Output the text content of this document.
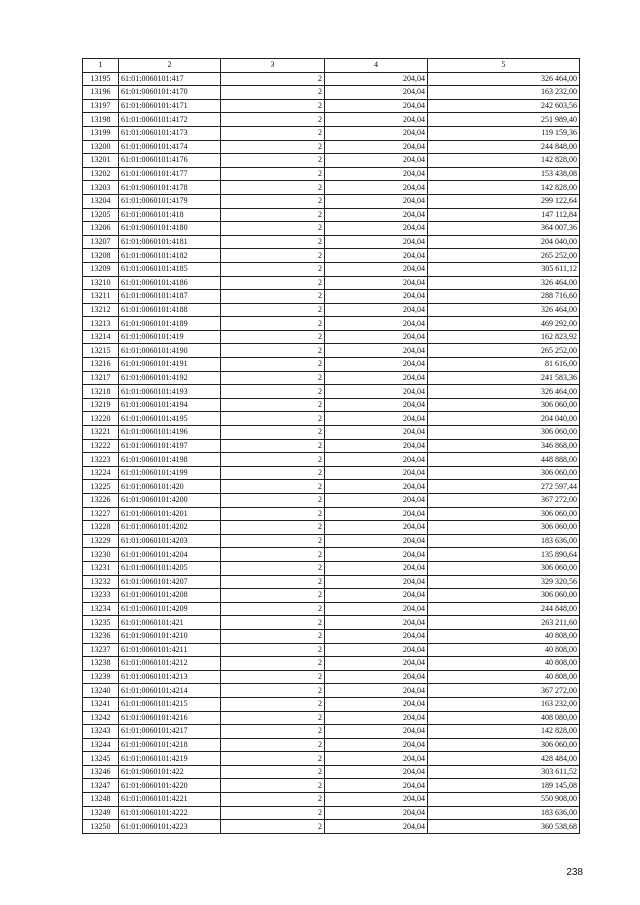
1	2	3	4	5
13195	61:01:0060101:417	2	204,04	326 464,00
13196	61:01:0060101:4170	2	204,04	163 232,00
13197	61:01:0060101:4171	2	204,04	242 603,56
13198	61:01:0060101:4172	2	204,04	251 989,40
13199	61:01:0060101:4173	2	204,04	119 159,36
13200	61:01:0060101:4174	2	204,04	244 848,00
13201	61:01:0060101:4176	2	204,04	142 828,00
13202	61:01:0060101:4177	2	204,04	153 438,08
13203	61:01:0060101:4178	2	204,04	142 828,00
13204	61:01:0060101:4179	2	204,04	299 122,64
13205	61:01:0060101:418	2	204,04	147 112,84
13206	61:01:0060101:4180	2	204,04	364 007,36
13207	61:01:0060101:4181	2	204,04	204 040,00
13208	61:01:0060101:4182	2	204,04	265 252,00
13209	61:01:0060101:4185	2	204,04	305 611,12
13210	61:01:0060101:4186	2	204,04	326 464,00
13211	61:01:0060101:4187	2	204,04	288 716,60
13212	61:01:0060101:4188	2	204,04	326 464,00
13213	61:01:0060101:4189	2	204,04	469 292,00
13214	61:01:0060101:419	2	204,04	162 823,92
13215	61:01:0060101:4190	2	204,04	265 252,00
13216	61:01:0060101:4191	2	204,04	81 616,00
13217	61:01:0060101:4192	2	204,04	241 583,36
13218	61:01:0060101:4193	2	204,04	326 464,00
13219	61:01:0060101:4194	2	204,04	306 060,00
13220	61:01:0060101:4195	2	204,04	204 040,00
13221	61:01:0060101:4196	2	204,04	306 060,00
13222	61:01:0060101:4197	2	204,04	346 868,00
13223	61:01:0060101:4198	2	204,04	448 888,00
13224	61:01:0060101:4199	2	204,04	306 060,00
13225	61:01:0060101:420	2	204,04	272 597,44
13226	61:01:0060101:4200	2	204,04	367 272,00
13227	61:01:0060101:4201	2	204,04	306 060,00
13228	61:01:0060101:4202	2	204,04	306 060,00
13229	61:01:0060101:4203	2	204,04	183 636,00
13230	61:01:0060101:4204	2	204,04	135 890,64
13231	61:01:0060101:4205	2	204,04	306 060,00
13232	61:01:0060101:4207	2	204,04	329 320,56
13233	61:01:0060101:4208	2	204,04	306 060,00
13234	61:01:0060101:4209	2	204,04	244 848,00
13235	61:01:0060101:421	2	204,04	263 211,60
13236	61:01:0060101:4210	2	204,04	40 808,00
13237	61:01:0060101:4211	2	204,04	40 808,00
13238	61:01:0060101:4212	2	204,04	40 808,00
13239	61:01:0060101:4213	2	204,04	40 808,00
13240	61:01:0060101:4214	2	204,04	367 272,00
13241	61:01:0060101:4215	2	204,04	163 232,00
13242	61:01:0060101:4216	2	204,04	408 080,00
13243	61:01:0060101:4217	2	204,04	142 828,00
13244	61:01:0060101:4218	2	204,04	306 060,00
13245	61:01:0060101:4219	2	204,04	428 484,00
13246	61:01:0060101:422	2	204,04	303 611,52
13247	61:01:0060101:4220	2	204,04	189 145,08
13248	61:01:0060101:4221	2	204,04	550 908,00
13249	61:01:0060101:4222	2	204,04	183 636,00
13250	61:01:0060101:4223	2	204,04	360 538,68
238
